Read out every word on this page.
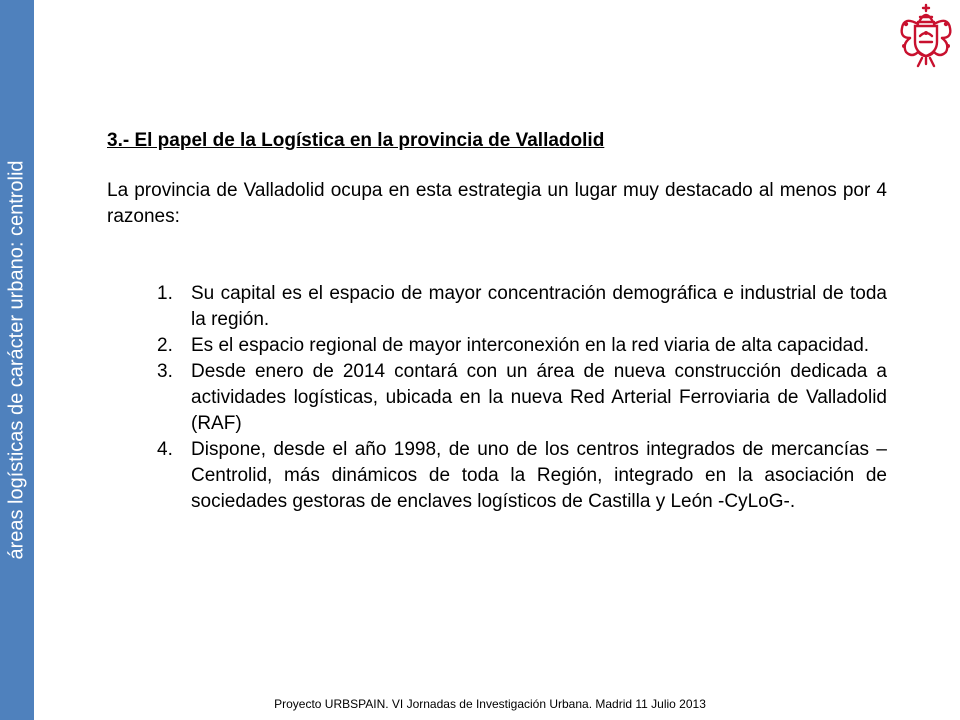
áreas logísticas de carácter urbano: centrolid

3.- El papel de la Logística en la provincia de Valladolid

La provincia de Valladolid ocupa en esta estrategia un lugar muy destacado al menos por 4 razones:

1. Su capital es el espacio de mayor concentración demográfica e industrial de toda la región.
2. Es el espacio regional de mayor interconexión en la red viaria de alta capacidad.
3. Desde enero de 2014 contará con un área de nueva construcción dedicada a actividades logísticas, ubicada en la nueva Red Arterial Ferroviaria de Valladolid (RAF)
4. Dispone, desde el año 1998, de uno de los centros integrados de mercancías –Centrolid, más dinámicos de toda la Región, integrado en la asociación de sociedades gestoras de enclaves logísticos de Castilla y León -CyLoG-.
Proyecto URBSPAIN. VI Jornadas de Investigación Urbana. Madrid 11 Julio 2013
